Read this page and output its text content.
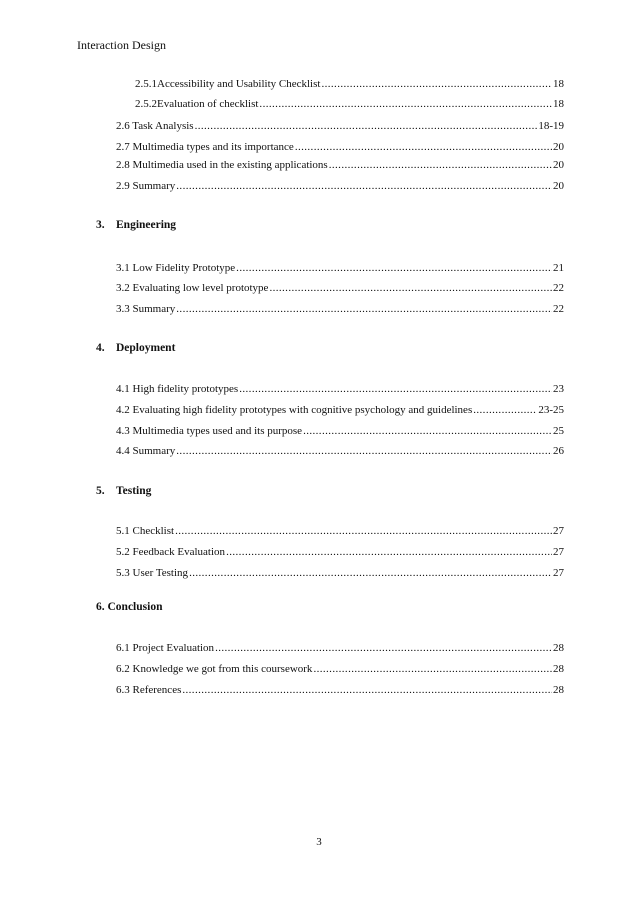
Interaction Design
2.5.1 Accessibility and Usability Checklist .....	18
2.5.2 Evaluation of checklist .....	18
2.6 Task Analysis .....	18-19
2.7 Multimedia types and its importance .....	20
2.8 Multimedia used in the existing applications .....	20
2.9 Summary .....	20
3. Engineering
3.1 Low Fidelity Prototype .....	21
3.2 Evaluating low level prototype .....	22
3.3 Summary .....	22
4. Deployment
4.1 High fidelity prototypes .....	23
4.2 Evaluating high fidelity prototypes with cognitive psychology and guidelines .....	23-25
4.3 Multimedia types used and its purpose .....	25
4.4 Summary .....	26
5. Testing
5.1 Checklist .....	27
5.2 Feedback Evaluation .....	27
5.3 User Testing .....	27
6. Conclusion
6.1 Project Evaluation .....	28
6.2 Knowledge we got from this coursework .....	28
6.3 References .....	28
3
